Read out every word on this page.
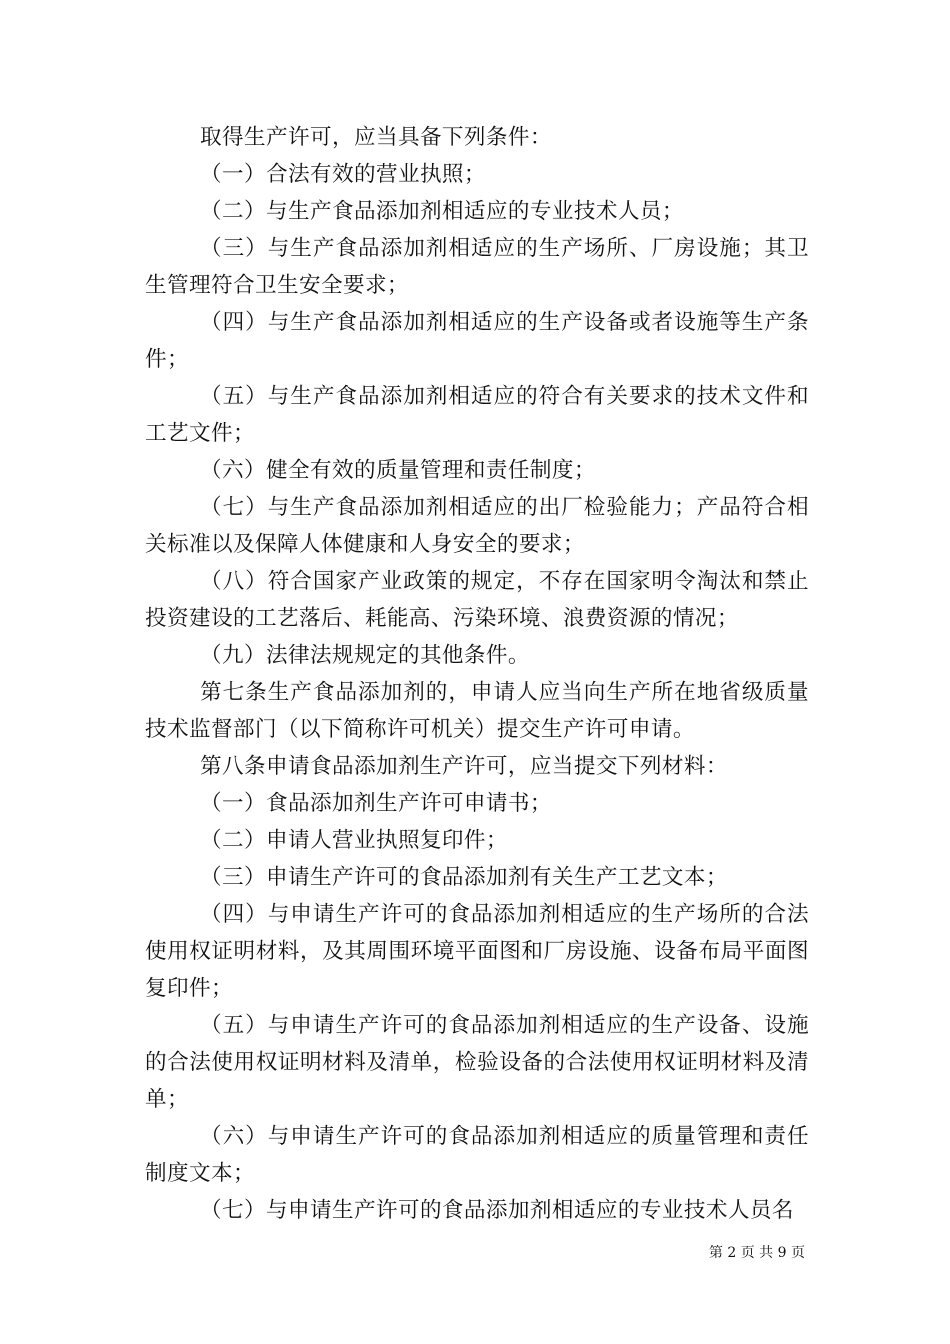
取得生产许可，应当具备下列条件：

（一）合法有效的营业执照；

（二）与生产食品添加剂相适应的专业技术人员；

（三）与生产食品添加剂相适应的生产场所、厂房设施；其卫生管理符合卫生安全要求；

（四）与生产食品添加剂相适应的生产设备或者设施等生产条件；

（五）与生产食品添加剂相适应的符合有关要求的技术文件和工艺文件；

（六）健全有效的质量管理和责任制度；

（七）与生产食品添加剂相适应的出厂检验能力；产品符合相关标准以及保障人体健康和人身安全的要求；

（八）符合国家产业政策的规定，不存在国家明令淘汰和禁止投资建设的工艺落后、耗能高、污染环境、浪费资源的情况；

（九）法律法规规定的其他条件。

第七条生产食品添加剂的，申请人应当向生产所在地省级质量技术监督部门（以下简称许可机关）提交生产许可申请。

第八条申请食品添加剂生产许可，应当提交下列材料：

（一）食品添加剂生产许可申请书；

（二）申请人营业执照复印件；

（三）申请生产许可的食品添加剂有关生产工艺文本；

（四）与申请生产许可的食品添加剂相适应的生产场所的合法使用权证明材料，及其周围环境平面图和厂房设施、设备布局平面图复印件；

（五）与申请生产许可的食品添加剂相适应的生产设备、设施的合法使用权证明材料及清单，检验设备的合法使用权证明材料及清单；

（六）与申请生产许可的食品添加剂相适应的质量管理和责任制度文本；

（七）与申请生产许可的食品添加剂相适应的专业技术人员名

第 2 页 共 9 页
